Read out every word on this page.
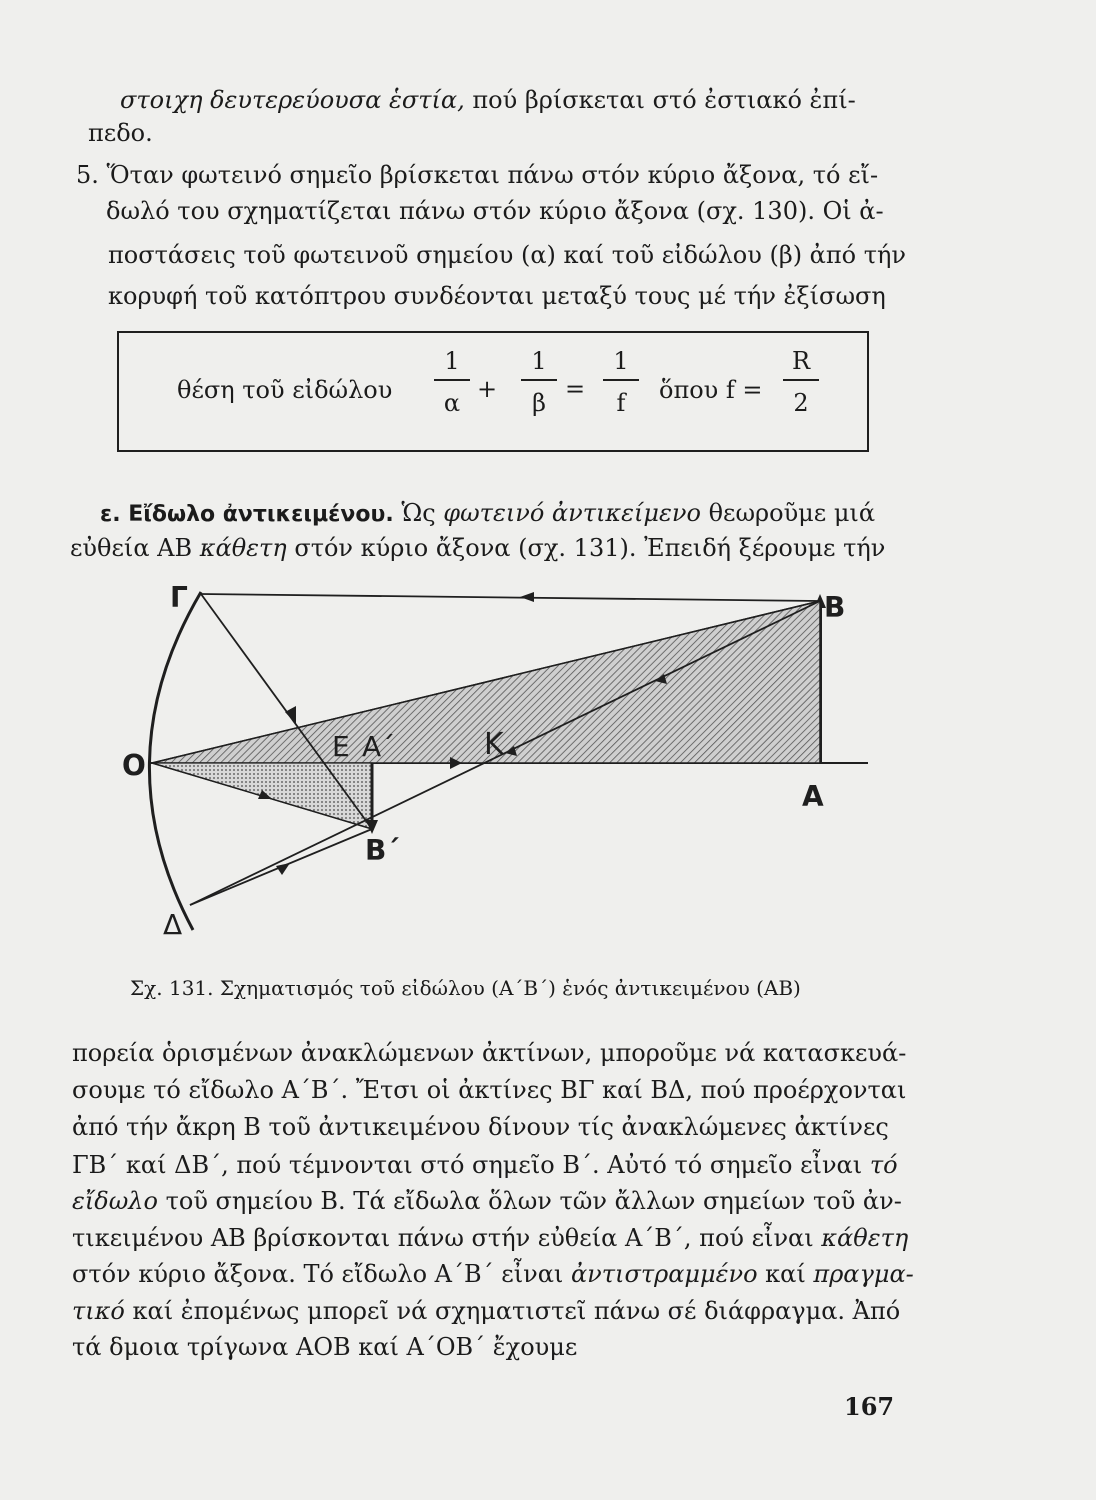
στοιχη δευτερεύουσα ἑστία, πού βρίσκεται στό ἐστιακό ἐπί-
πεδο.
5. Ὅταν φωτεινό σημεῖο βρίσκεται πάνω στόν κύριο ἄξονα, τό εἴ-
δωλό του σχηματίζεται πάνω στόν κύριο ἄξονα (σχ. 130). Οἱ ἀ-
ποστάσεις τοῦ φωτεινοῦ σημείου (α) καί τοῦ εἰδώλου (β) ἀπό τήν
κορυφή τοῦ κατόπτρου συνδέονται μεταξύ τους μέ τήν ἐξίσωση
θέση τοῦ εἰδώλου
1
α +
1
β =
1
f	ὅπου f =
R
2
ε. Εἴδωλο ἀντικειμένου. Ὡς φωτεινό ἀντικείμενο θεωροῦμε μιά
εὐθεία ΑΒ κάθετη στόν κύριο ἄξονα (σχ. 131). Ἐπειδή ξέρουμε τήν
Γ	Β
Ο
Ε Α΄	Κ
Α
Β΄
Δ
Σχ. 131. Σχηματισμός τοῦ εἰδώλου (Α΄Β΄) ἑνός ἀντικειμένου (ΑΒ)
πορεία ὁρισμένων ἀνακλώμενων ἀκτίνων, μποροῦμε νά κατασκευά-
σουμε τό εἴδωλο Α΄Β΄. Ἔτσι οἱ ἀκτίνες ΒΓ καί ΒΔ, πού προέρχονται
ἀπό τήν ἄκρη Β τοῦ ἀντικειμένου δίνουν τίς ἀνακλώμενες ἀκτίνες
ΓΒ΄ καί ΔΒ΄, πού τέμνονται στό σημεῖο Β΄. Αὐτό τό σημεῖο εἶναι τό
εἴδωλο τοῦ σημείου Β. Τά εἴδωλα ὅλων τῶν ἄλλων σημείων τοῦ ἀν-
τικειμένου ΑΒ βρίσκονται πάνω στήν εὐθεία Α΄Β΄, πού εἶναι κάθετη
στόν κύριο ἄξονα. Τό εἴδωλο Α΄Β΄ εἶναι ἀντιστραμμένο καί πραγμα-
τικό καί ἐπομένως μπορεῖ νά σχηματιστεῖ πάνω σέ διάφραγμα. Ἀπό
τά δμοια τρίγωνα ΑΟΒ καί Α΄ΟΒ΄ ἔχουμε
167
